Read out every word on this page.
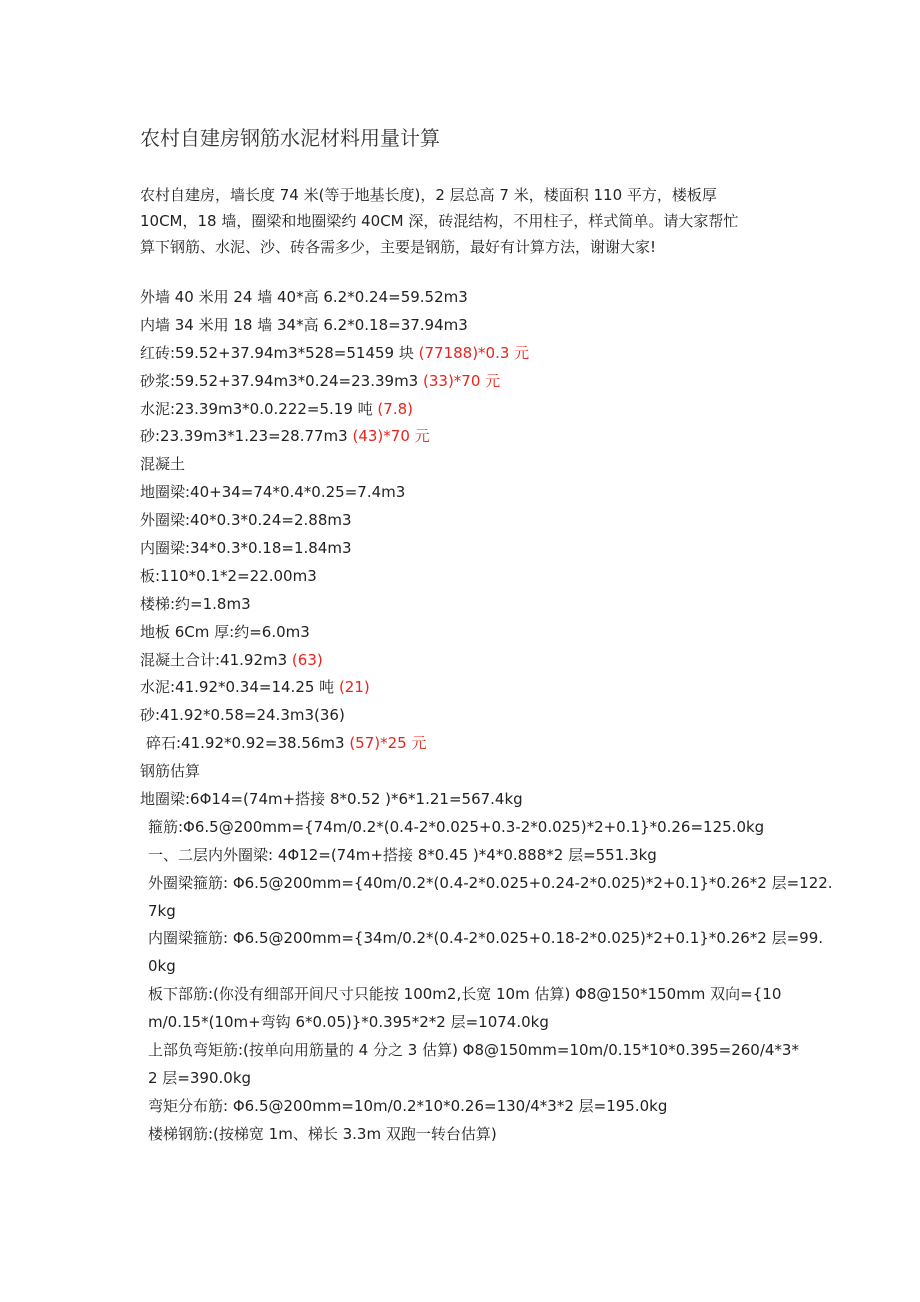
农村自建房钢筋水泥材料用量计算
农村自建房，墙长度 74 米(等于地基长度)，2 层总高 7 米，楼面积 110 平方，楼板厚
10CM，18 墙，圈梁和地圈梁约 40CM 深，砖混结构，不用柱子，样式简单。请大家帮忙
算下钢筋、水泥、沙、砖各需多少，主要是钢筋，最好有计算方法，谢谢大家!
外墙 40 米用 24 墙 40*高 6.2*0.24=59.52m3
内墙 34 米用 18 墙 34*高 6.2*0.18=37.94m3
红砖:59.52+37.94m3*528=51459 块 (77188)*0.3 元
砂浆:59.52+37.94m3*0.24=23.39m3 (33)*70 元
水泥:23.39m3*0.0.222=5.19 吨 (7.8)
砂:23.39m3*1.23=28.77m3 (43)*70 元
混凝土
地圈梁:40+34=74*0.4*0.25=7.4m3
外圈梁:40*0.3*0.24=2.88m3
内圈梁:34*0.3*0.18=1.84m3
板:110*0.1*2=22.00m3
楼梯:约=1.8m3
地板 6Cm 厚:约=6.0m3
混凝土合计:41.92m3 (63)
水泥:41.92*0.34=14.25 吨 (21)
砂:41.92*0.58=24.3m3(36)
碎石:41.92*0.92=38.56m3 (57)*25 元
钢筋估算
地圈梁:6Φ14=(74m+搭接 8*0.52 )*6*1.21=567.4kg
箍筋:Φ6.5@200mm={74m/0.2*(0.4-2*0.025+0.3-2*0.025)*2+0.1}*0.26=125.0kg
一、二层内外圈梁: 4Φ12=(74m+搭接 8*0.45 )*4*0.888*2 层=551.3kg
外圈梁箍筋: Φ6.5@200mm={40m/0.2*(0.4-2*0.025+0.24-2*0.025)*2+0.1}*0.26*2 层=122.
7kg
内圈梁箍筋: Φ6.5@200mm={34m/0.2*(0.4-2*0.025+0.18-2*0.025)*2+0.1}*0.26*2 层=99.
0kg
板下部筋:(你没有细部开间尺寸只能按 100m2,长宽 10m 估算) Φ8@150*150mm 双向={10
m/0.15*(10m+弯钩 6*0.05)}*0.395*2*2 层=1074.0kg
上部负弯矩筋:(按单向用筋量的 4 分之 3 估算) Φ8@150mm=10m/0.15*10*0.395=260/4*3*
2 层=390.0kg
弯矩分布筋: Φ6.5@200mm=10m/0.2*10*0.26=130/4*3*2 层=195.0kg
楼梯钢筋:(按梯宽 1m、梯长 3.3m 双跑一转台估算)
